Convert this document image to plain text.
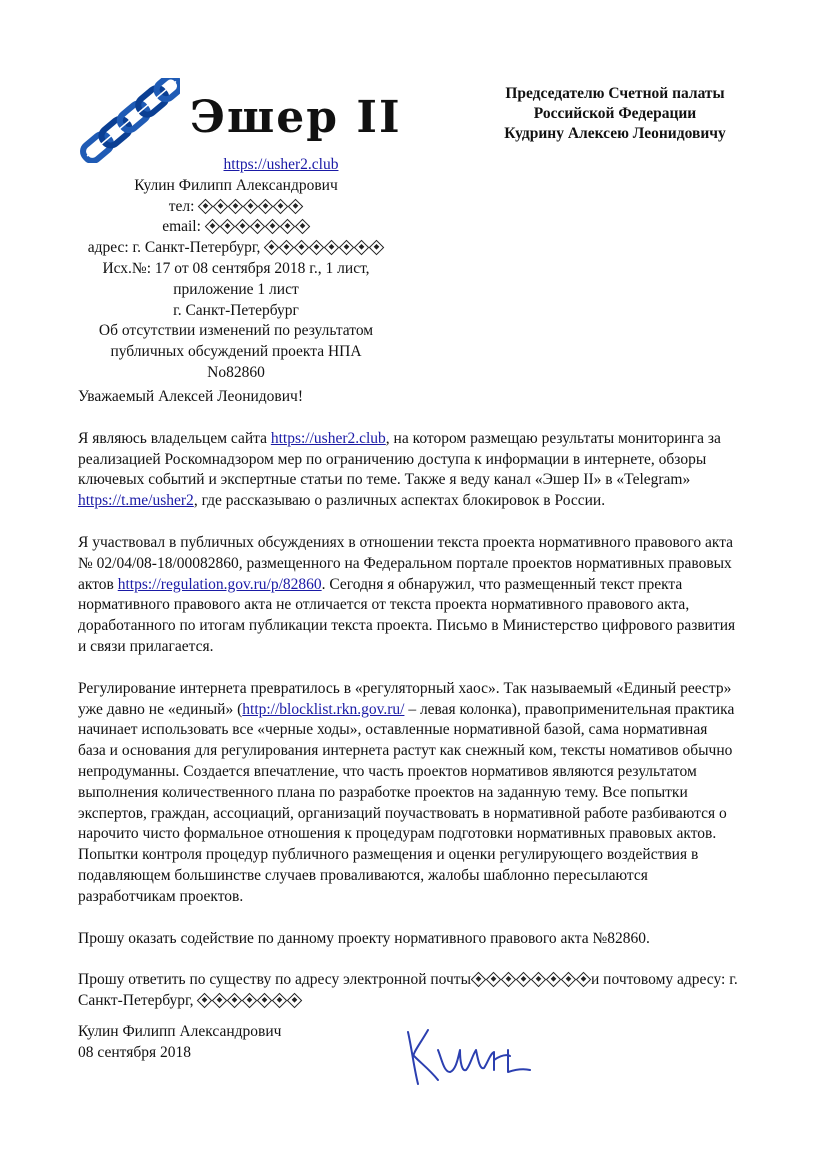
Эшер II	Председателю Счетной палаты
Российской Федерации
Кудрину Алексею Леонидовичу
https://usher2.club
Кулин Филипп Александрович
тел:
email:
адрес: г. Санкт-Петербург,
Исх.№: 17 от 08 сентября 2018 г., 1 лист,
приложение 1 лист
г. Санкт-Петербург
Об отсутствии изменений по результатом
публичных обсуждений проекта НПА
No82860

Уважаемый Алексей Леонидович!

Я являюсь владельцем сайта https://usher2.club, на котором размещаю результаты мониторинга за реализацией Роскомнадзором мер по ограничению доступа к информации в интернете, обзоры ключевых событий и экспертные статьи по теме. Также я веду канал «Эшер II» в «Telegram» https://t.me/usher2, где рассказываю о различных аспектах блокировок в России.

Я участвовал в публичных обсуждениях в отношении текста проекта нормативного правового акта № 02/04/08-18/00082860, размещенного на Федеральном портале проектов нормативных правовых актов https://regulation.gov.ru/p/82860. Сегодня я обнаружил, что размещенный текст пректа нормативного правового акта не отличается от текста проекта нормативного правового акта, доработанного по итогам публикации текста проекта. Письмо в Министерство цифрового развития и связи прилагается.

Регулирование интернета превратилось в «регуляторный хаос». Так называемый «Единый реестр» уже давно не «единый» (http://blocklist.rkn.gov.ru/ – левая колонка), правоприменительная практика начинает использовать все «черные ходы», оставленные нормативной базой, сама нормативная база и основания для регулирования интернета растут как снежный ком, тексты номативов обычно непродуманны. Создается впечатление, что часть проектов нормативов являются результатом выполнения количественного плана по разработке проектов на заданную тему. Все попытки экспертов, граждан, ассоциаций, организаций поучаствовать в нормативной работе разбиваются о нарочито чисто формальное отношения к процедурам подготовки нормативных правовых актов. Попытки контроля процедур публичного размещения и оценки регулирующего воздействия в подавляющем большинстве случаев проваливаются, жалобы шаблонно пересылаются разработчикам проектов.

Прошу оказать содействие по данному проекту нормативного правового акта №82860.

Прошу ответить по существу по адресу электронной почты	и почтовому адресу: г. Санкт-Петербург,

Кулин Филипп Александрович
08 сентября 2018
